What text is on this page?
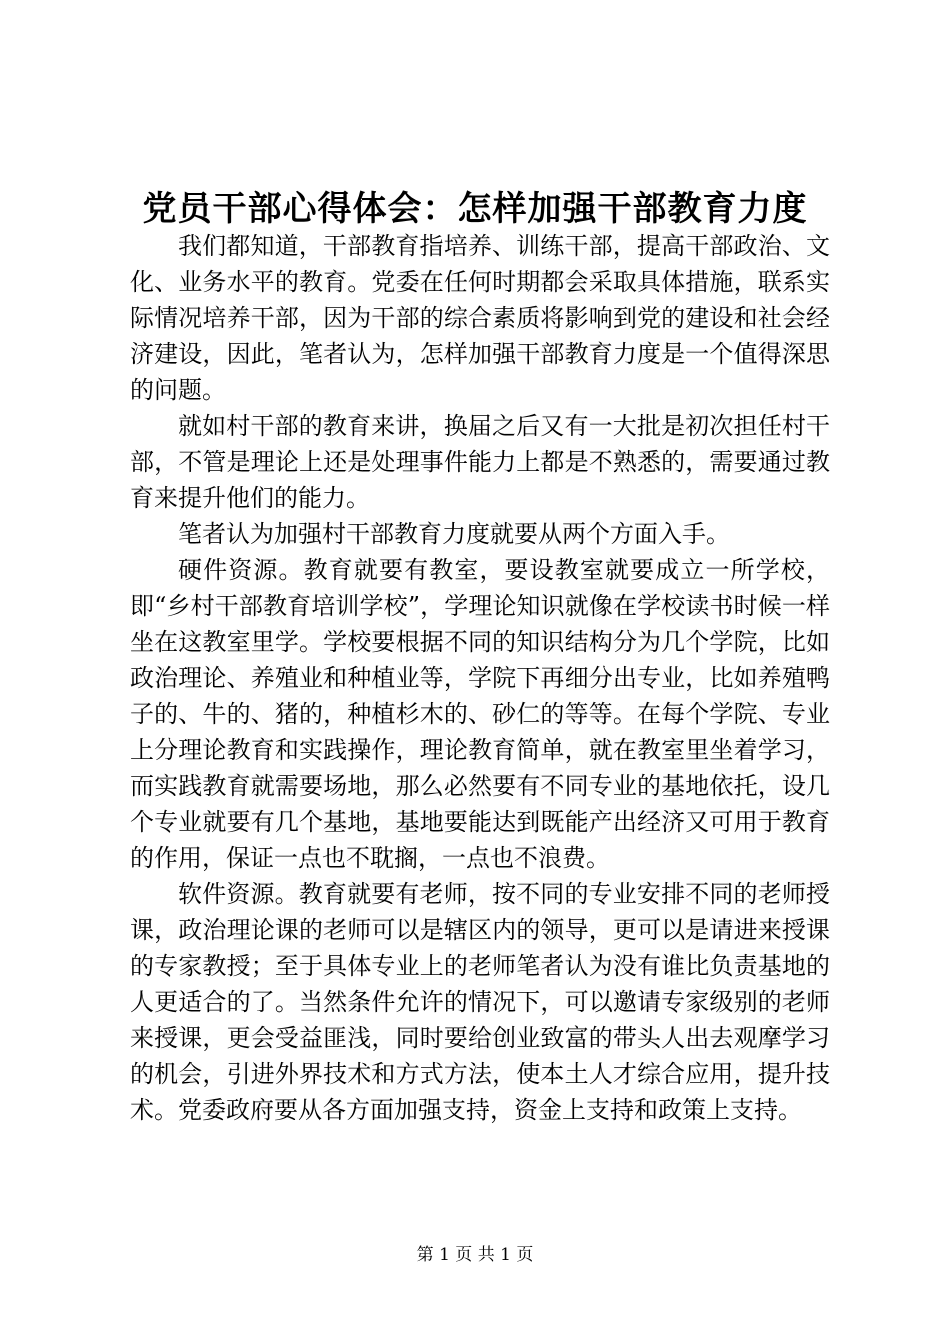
党员干部心得体会：怎样加强干部教育力度

我们都知道，干部教育指培养、训练干部，提高干部政治、文化、业务水平的教育。党委在任何时期都会采取具体措施，联系实际情况培养干部，因为干部的综合素质将影响到党的建设和社会经济建设，因此，笔者认为，怎样加强干部教育力度是一个值得深思的问题。

就如村干部的教育来讲，换届之后又有一大批是初次担任村干部，不管是理论上还是处理事件能力上都是不熟悉的，需要通过教育来提升他们的能力。

笔者认为加强村干部教育力度就要从两个方面入手。

硬件资源。教育就要有教室，要设教室就要成立一所学校，即“乡村干部教育培训学校”，学理论知识就像在学校读书时候一样坐在这教室里学。学校要根据不同的知识结构分为几个学院，比如政治理论、养殖业和种植业等，学院下再细分出专业，比如养殖鸭子的、牛的、猪的，种植杉木的、砂仁的等等。在每个学院、专业上分理论教育和实践操作，理论教育简单，就在教室里坐着学习，而实践教育就需要场地，那么必然要有不同专业的基地依托，设几个专业就要有几个基地，基地要能达到既能产出经济又可用于教育的作用，保证一点也不耽搁，一点也不浪费。

软件资源。教育就要有老师，按不同的专业安排不同的老师授课，政治理论课的老师可以是辖区内的领导，更可以是请进来授课的专家教授；至于具体专业上的老师笔者认为没有谁比负责基地的人更适合的了。当然条件允许的情况下，可以邀请专家级别的老师来授课，更会受益匪浅，同时要给创业致富的带头人出去观摩学习的机会，引进外界技术和方式方法，使本土人才综合应用，提升技术。党委政府要从各方面加强支持，资金上支持和政策上支持。

第 1 页 共 1 页
